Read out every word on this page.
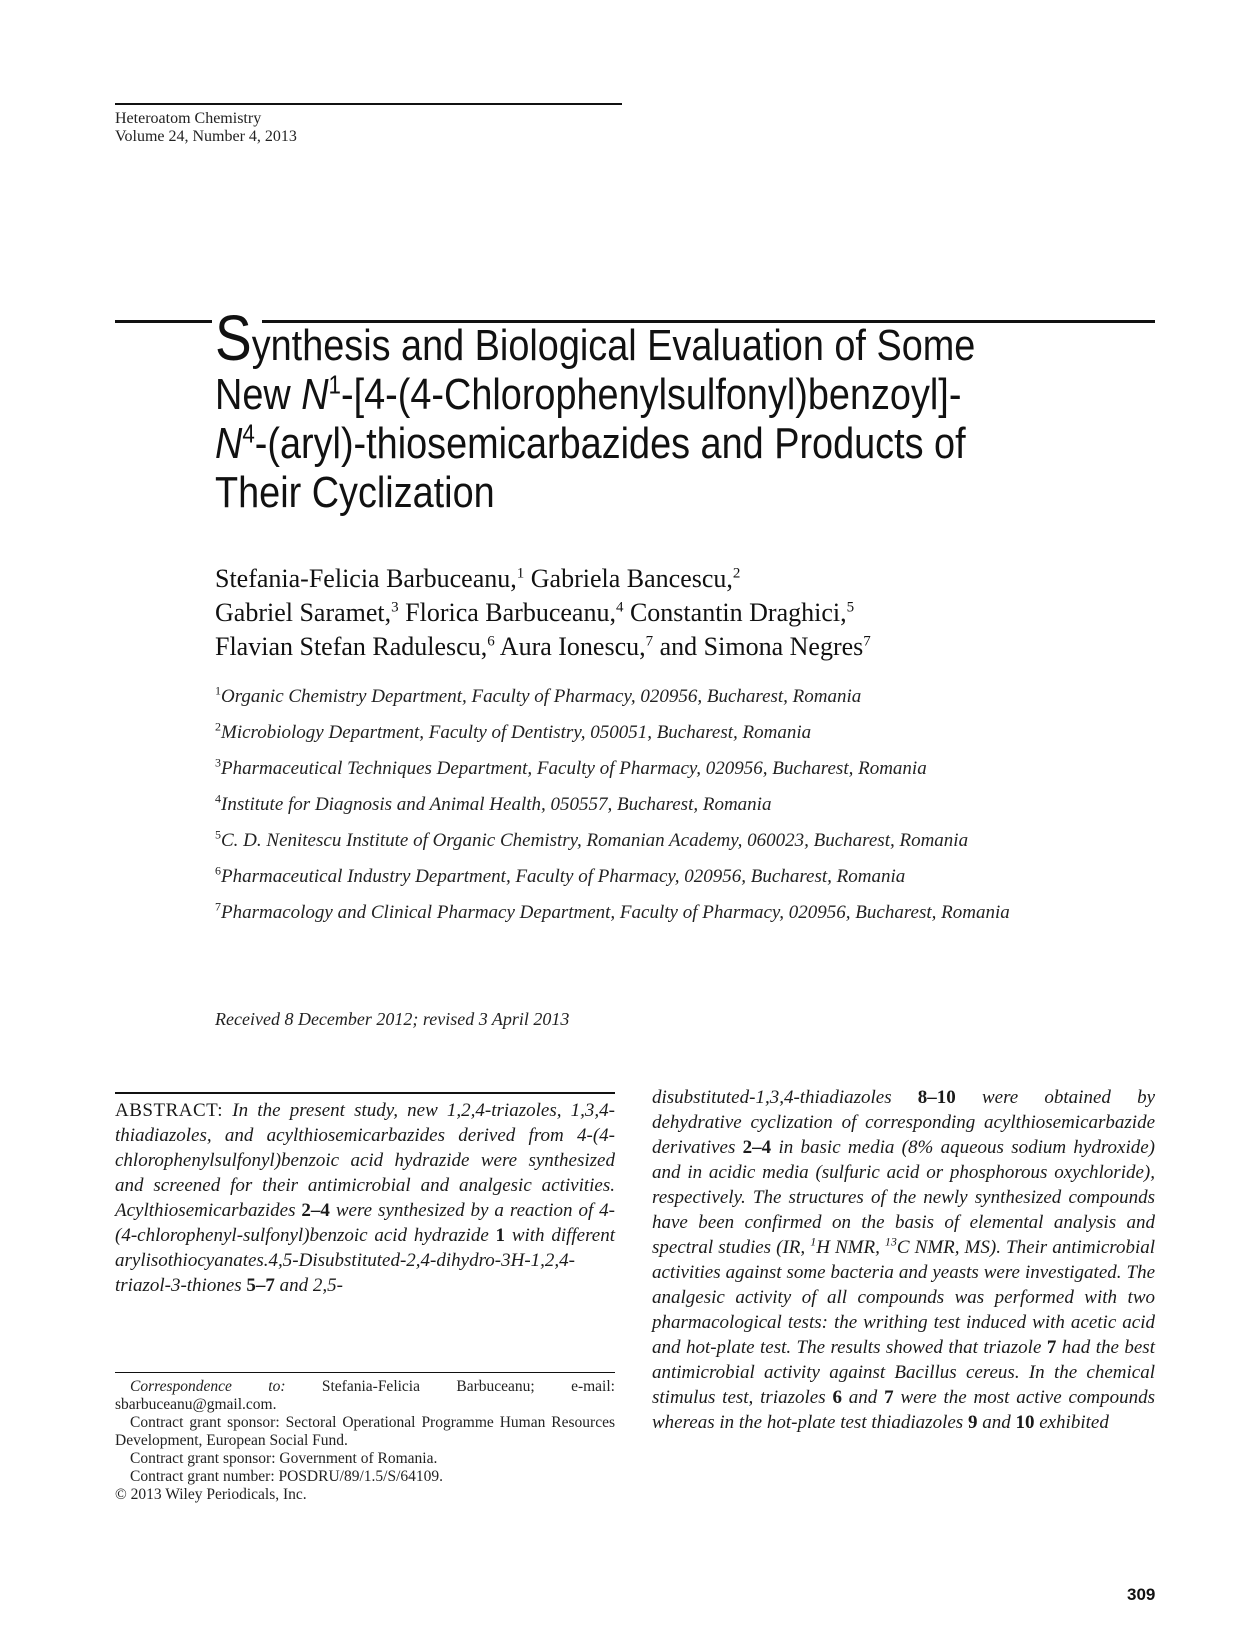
Heteroatom Chemistry
Volume 24, Number 4, 2013
Synthesis and Biological Evaluation of Some
New $N^1-[4-(4-Chlorophenylsulfonyl)benzoyl]-$
$N^4-(aryl)$-thiosemicarbazides and Products of
Their Cyclization
Stefania-Felicia Barbuceanu,$^1$ Gabriela Bancescu,$^2$
Gabriel Saramet,$^3$ Florica Barbuceanu,$^4$ Constantin Draghici,$^5$
Flavian Stefan Radulescu,$^6$ Aura Ionescu,$^7$ and Simona Negres$^7$
$^1$Organic Chemistry Department, Faculty of Pharmacy, 020956, Bucharest, Romania
$^2$Microbiology Department, Faculty of Dentistry, 050051, Bucharest, Romania
$^3$Pharmaceutical Techniques Department, Faculty of Pharmacy, 020956, Bucharest, Romania
$^4$Institute for Diagnosis and Animal Health, 050557, Bucharest, Romania
$^5$C. D. Nenitescu Institute of Organic Chemistry, Romanian Academy, 060023, Bucharest, Romania
$^6$Pharmaceutical Industry Department, Faculty of Pharmacy, 020956, Bucharest, Romania
$^7$Pharmacology and Clinical Pharmacy Department, Faculty of Pharmacy, 020956, Bucharest, Romania
Received 8 December 2012; revised 3 April 2013
ABSTRACT: In the present study, new 1,2,4-triazoles, 1,3,4-thiadiazoles, and acylthiosemicarbazides derived from 4-(4-chlorophenylsulfonyl)benzoic acid hydrazide were synthesized and screened for their antimicrobial and analgesic activities. Acylthiosemicarbazides 2–4 were synthesized by a reaction of 4-(4-chlorophenyl-sulfonyl)benzoic acid hydrazide 1 with different arylisothiocyanates.4,5-Disubstituted-2,4-dihydro-3H-1,2,4-triazol-3-thiones 5–7 and 2,5-
disubstituted-1,3,4-thiadiazoles 8–10 were obtained by dehydrative cyclization of corresponding acylthiosemicarbazide derivatives 2–4 in basic media (8% aqueous sodium hydroxide) and in acidic media (sulfuric acid or phosphorous oxychloride), respectively. The structures of the newly synthesized compounds have been confirmed on the basis of elemental analysis and spectral studies (IR, $^1$H NMR, $^{13}$C NMR, MS). Their antimicrobial activities against some bacteria and yeasts were investigated. The analgesic activity of all compounds was performed with two pharmacological tests: the writhing test induced with acetic acid and hot-plate test. The results showed that triazole 7 had the best antimicrobial activity against Bacillus cereus. In the chemical stimulus test, triazoles 6 and 7 were the most active compounds whereas in the hot-plate test thiadiazoles 9 and 10 exhibited

Correspondence to: Stefania-Felicia Barbuceanu; e-mail: sbarbuceanu@gmail.com.

Contract grant sponsor: Sectoral Operational Programme Human Resources Development, European Social Fund.

Contract grant sponsor: Government of Romania.

Contract grant number: POSDRU/89/1.5/S/64109.

© 2013 Wiley Periodicals, Inc.

309
